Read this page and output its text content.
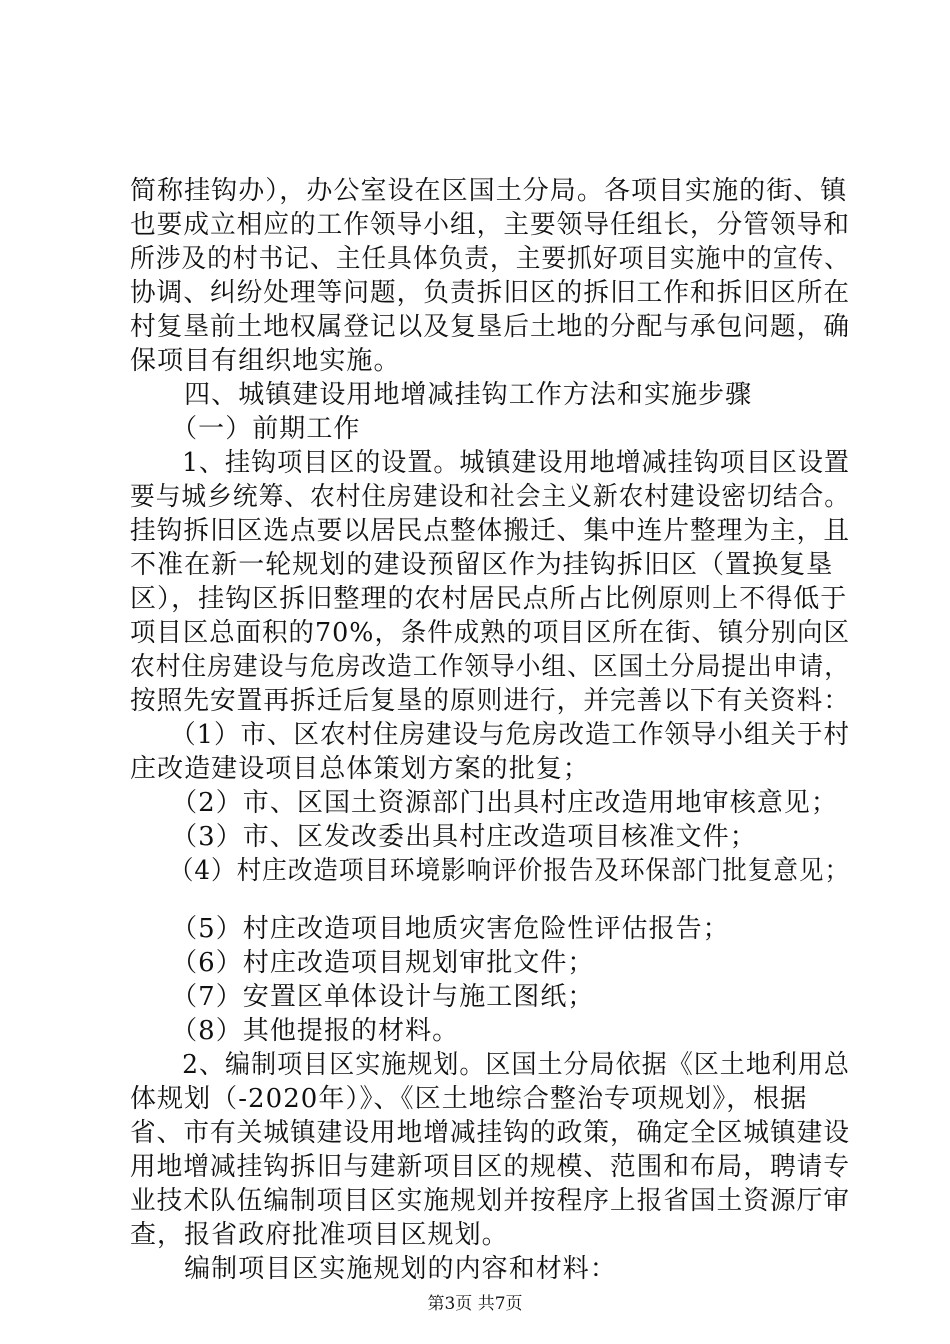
简称挂钩办），办公室设在区国土分局。各项目实施的街、镇
也要成立相应的工作领导小组，主要领导任组长，分管领导和
所涉及的村书记、主任具体负责，主要抓好项目实施中的宣传、
协调、纠纷处理等问题，负责拆旧区的拆旧工作和拆旧区所在
村复垦前土地权属登记以及复垦后土地的分配与承包问题，确
保项目有组织地实施。
　　四、城镇建设用地增减挂钩工作方法和实施步骤
　　（一）前期工作
　　1、挂钩项目区的设置。城镇建设用地增减挂钩项目区设置
要与城乡统筹、农村住房建设和社会主义新农村建设密切结合。
挂钩拆旧区选点要以居民点整体搬迁、集中连片整理为主，且
不准在新一轮规划的建设预留区作为挂钩拆旧区（置换复垦
区），挂钩区拆旧整理的农村居民点所占比例原则上不得低于
项目区总面积的70%，条件成熟的项目区所在街、镇分别向区
农村住房建设与危房改造工作领导小组、区国土分局提出申请，
按照先安置再拆迁后复垦的原则进行，并完善以下有关资料：
　　（1）市、区农村住房建设与危房改造工作领导小组关于村
庄改造建设项目总体策划方案的批复；
　　（2）市、区国土资源部门出具村庄改造用地审核意见；
　　（3）市、区发改委出具村庄改造项目核准文件；
　　（4）村庄改造项目环境影响评价报告及环保部门批复意见；
　　（5）村庄改造项目地质灾害危险性评估报告；
　　（6）村庄改造项目规划审批文件；
　　（7）安置区单体设计与施工图纸；
　　（8）其他提报的材料。
　　2、编制项目区实施规划。区国土分局依据《区土地利用总
体规划（-2020年）》、《区土地综合整治专项规划》，根据
省、市有关城镇建设用地增减挂钩的政策，确定全区城镇建设
用地增减挂钩拆旧与建新项目区的规模、范围和布局，聘请专
业技术队伍编制项目区实施规划并按程序上报省国土资源厅审
查，报省政府批准项目区规划。
　　编制项目区实施规划的内容和材料：
第3页 共7页
